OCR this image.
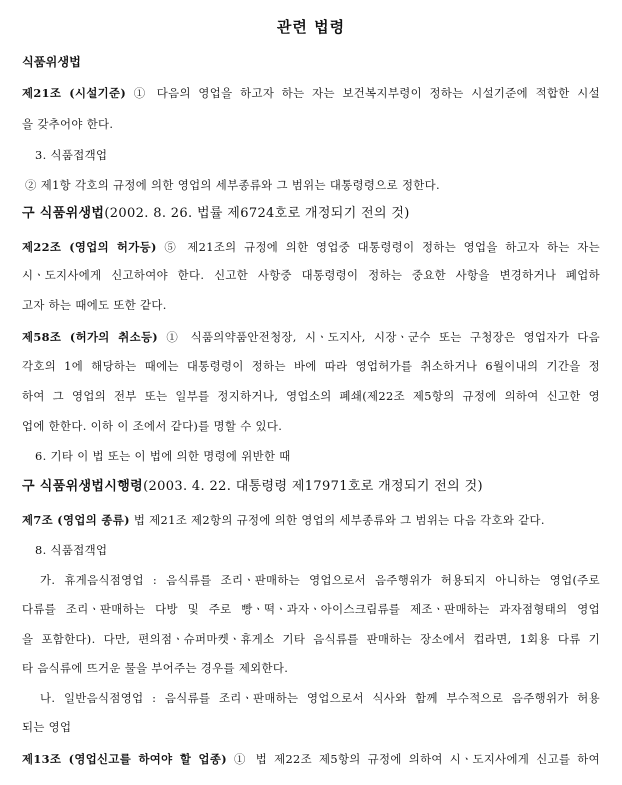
관련 법령
식품위생법
제21조 (시설기준) ① 다음의 영업을 하고자 하는 자는 보건복지부령이 정하는 시설기준에 적합한 시설
을 갖추어야 한다.
3. 식품접객업
② 제1항 각호의 규정에 의한 영업의 세부종류와 그 범위는 대통령령으로 정한다.
구 식품위생법(2002. 8. 26. 법률 제6724호로 개정되기 전의 것)
제22조 (영업의 허가등) ⑤ 제21조의 규정에 의한 영업중 대통령령이 정하는 영업을 하고자 하는 자는
시ㆍ도지사에게 신고하여야 한다. 신고한 사항중 대통령령이 정하는 중요한 사항을 변경하거나 폐업하
고자 하는 때에도 또한 같다.
제58조 (허가의 취소등) ① 식품의약품안전청장, 시ㆍ도지사, 시장ㆍ군수 또는 구청장은 영업자가 다음
각호의 1에 해당하는 때에는 대통령령이 정하는 바에 따라 영업허가를 취소하거나 6월이내의 기간을 정
하여 그 영업의 전부 또는 일부를 정지하거나, 영업소의 폐쇄(제22조 제5항의 규정에 의하여 신고한 영
업에 한한다. 이하 이 조에서 같다)를 명할 수 있다.
6. 기타 이 법 또는 이 법에 의한 명령에 위반한 때
구 식품위생법시행령(2003. 4. 22. 대통령령 제17971호로 개정되기 전의 것)
제7조 (영업의 종류) 법 제21조 제2항의 규정에 의한 영업의 세부종류와 그 범위는 다음 각호와 같다.
8. 식품접객업
가. 휴게음식점영업 : 음식류를 조리ㆍ판매하는 영업으로서 음주행위가 허용되지 아니하는 영업(주로
다류를 조리ㆍ판매하는 다방 및 주로 빵ㆍ떡ㆍ과자ㆍ아이스크림류를 제조ㆍ판매하는 과자점형태의 영업
을 포함한다). 다만, 편의점ㆍ슈퍼마켓ㆍ휴게소 기타 음식류를 판매하는 장소에서 컵라면, 1회용 다류 기
타 음식류에 뜨거운 물을 부어주는 경우를 제외한다.
나. 일반음식점영업 : 음식류를 조리ㆍ판매하는 영업으로서 식사와 함께 부수적으로 음주행위가 허용
되는 영업
제13조 (영업신고를 하여야 할 업종) ① 법 제22조 제5항의 규정에 의하여 시ㆍ도지사에게 신고를 하여
